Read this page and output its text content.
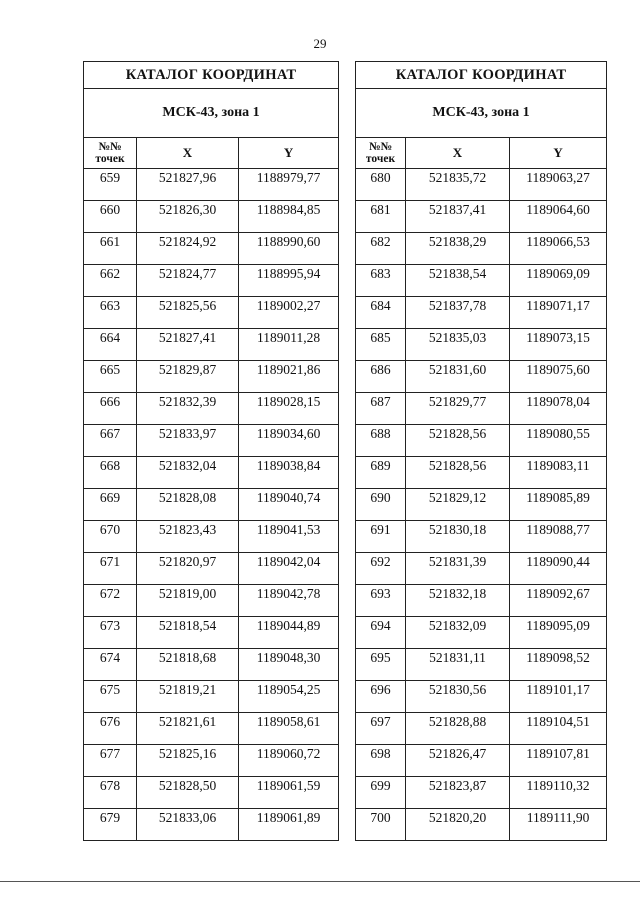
29
КАТАЛОГ КООРДИНАТ		
МСК-43, зона 1		
№№ точек	X	Y
659	521827,96	1188979,77
660	521826,30	1188984,85
661	521824,92	1188990,60
662	521824,77	1188995,94
663	521825,56	1189002,27
664	521827,41	1189011,28
665	521829,87	1189021,86
666	521832,39	1189028,15
667	521833,97	1189034,60
668	521832,04	1189038,84
669	521828,08	1189040,74
670	521823,43	1189041,53
671	521820,97	1189042,04
672	521819,00	1189042,78
673	521818,54	1189044,89
674	521818,68	1189048,30
675	521819,21	1189054,25
676	521821,61	1189058,61
677	521825,16	1189060,72
678	521828,50	1189061,59
679	521833,06	1189061,89
КАТАЛОГ КООРДИНАТ		
МСК-43, зона 1		
№№ точек	X	Y
680	521835,72	1189063,27
681	521837,41	1189064,60
682	521838,29	1189066,53
683	521838,54	1189069,09
684	521837,78	1189071,17
685	521835,03	1189073,15
686	521831,60	1189075,60
687	521829,77	1189078,04
688	521828,56	1189080,55
689	521828,56	1189083,11
690	521829,12	1189085,89
691	521830,18	1189088,77
692	521831,39	1189090,44
693	521832,18	1189092,67
694	521832,09	1189095,09
695	521831,11	1189098,52
696	521830,56	1189101,17
697	521828,88	1189104,51
698	521826,47	1189107,81
699	521823,87	1189110,32
700	521820,20	1189111,90
